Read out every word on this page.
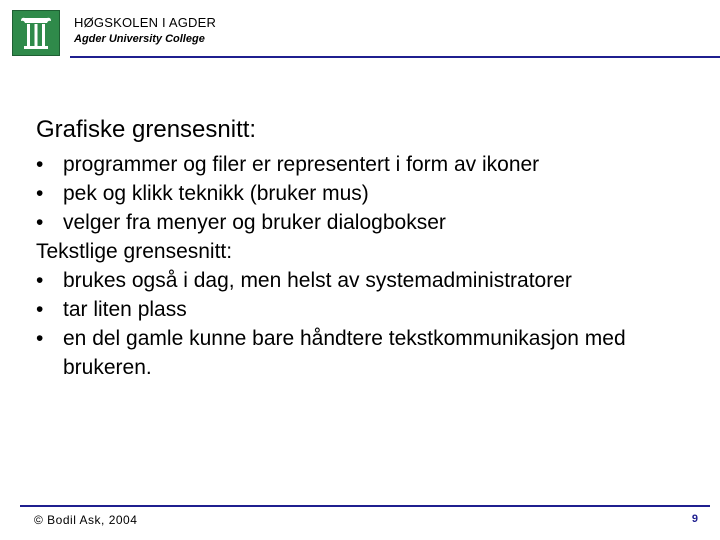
HØGSKOLEN I AGDER
Agder University College
Grafiske grensesnitt:
• programmer og filer er representert i form av ikoner
• pek og klikk teknikk (bruker mus)
• velger fra menyer og bruker dialogbokser
Tekstlige grensesnitt:
• brukes også i dag, men helst av systemadministratorer
• tar liten plass
• en del gamle kunne bare håndtere tekstkommunikasjon med brukeren.
© Bodil Ask, 2004	9
